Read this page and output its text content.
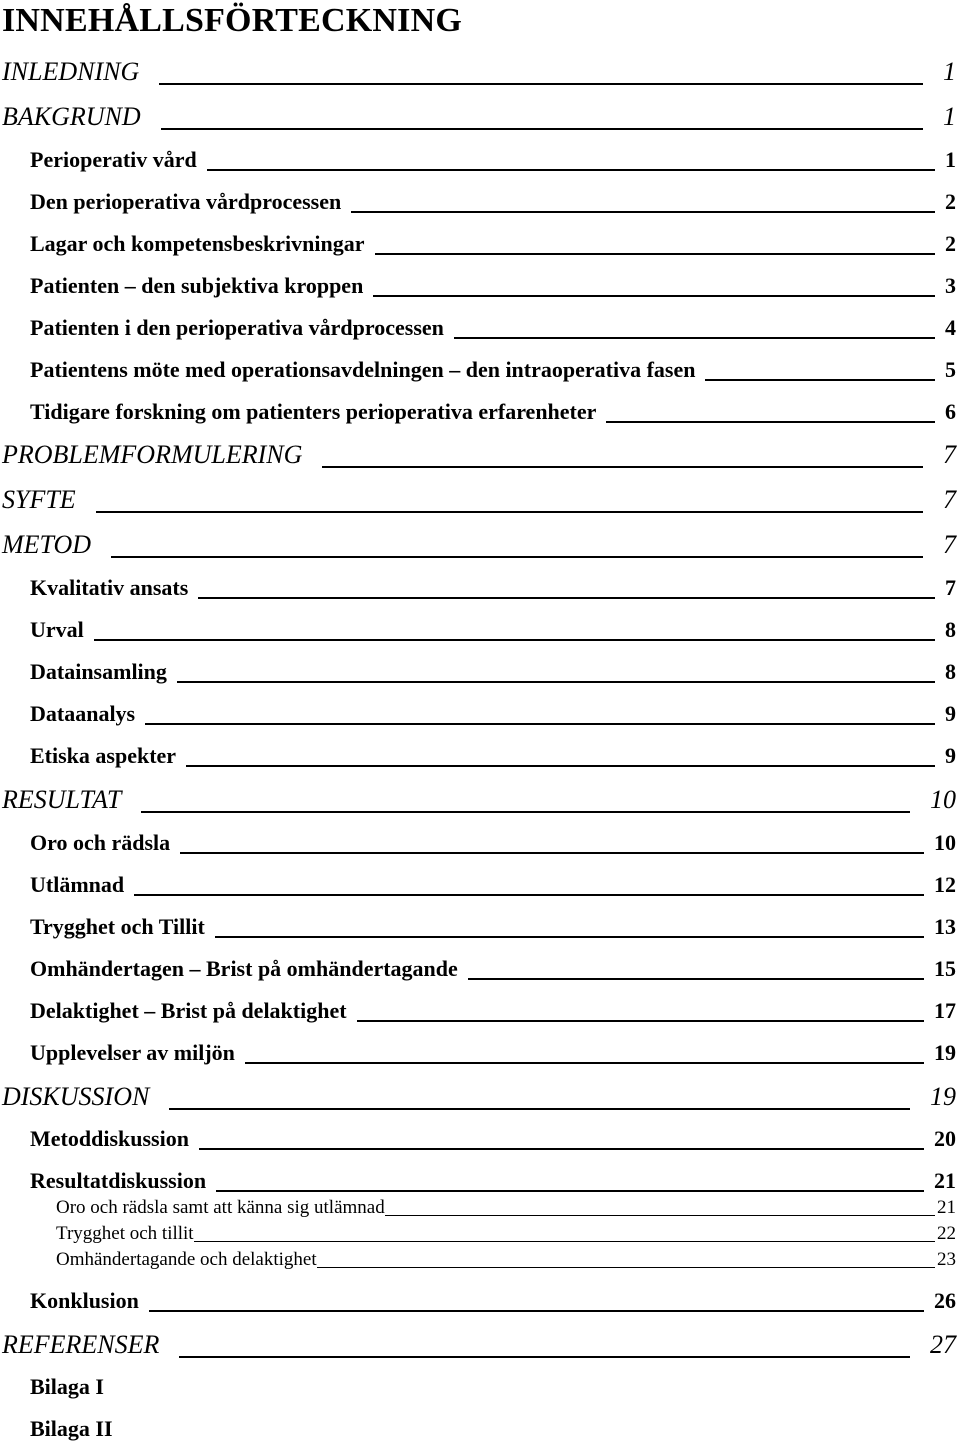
INNEHÅLLSFÖRTECKNING
INLEDNING	1
BAKGRUND	1
Perioperativ vård	1
Den perioperativa vårdprocessen	2
Lagar och kompetensbeskrivningar	2
Patienten – den subjektiva kroppen	3
Patienten i den perioperativa vårdprocessen	4
Patientens möte med operationsavdelningen – den intraoperativa fasen	5
Tidigare forskning om patienters perioperativa erfarenheter	6
PROBLEMFORMULERING	7
SYFTE	7
METOD	7
Kvalitativ ansats	7
Urval	8
Datainsamling	8
Dataanalys	9
Etiska aspekter	9
RESULTAT	10
Oro och rädsla	10
Utlämnad	12
Trygghet och Tillit	13
Omhändertagen – Brist på omhändertagande	15
Delaktighet – Brist på delaktighet	17
Upplevelser av miljön	19
DISKUSSION	19
Metoddiskussion	20
Resultatdiskussion	21
Oro och rädsla samt att känna sig utlämnad	21
Trygghet och tillit	22
Omhändertagande och delaktighet	23
Konklusion	26
REFERENSER	27
Bilaga I
Bilaga II
